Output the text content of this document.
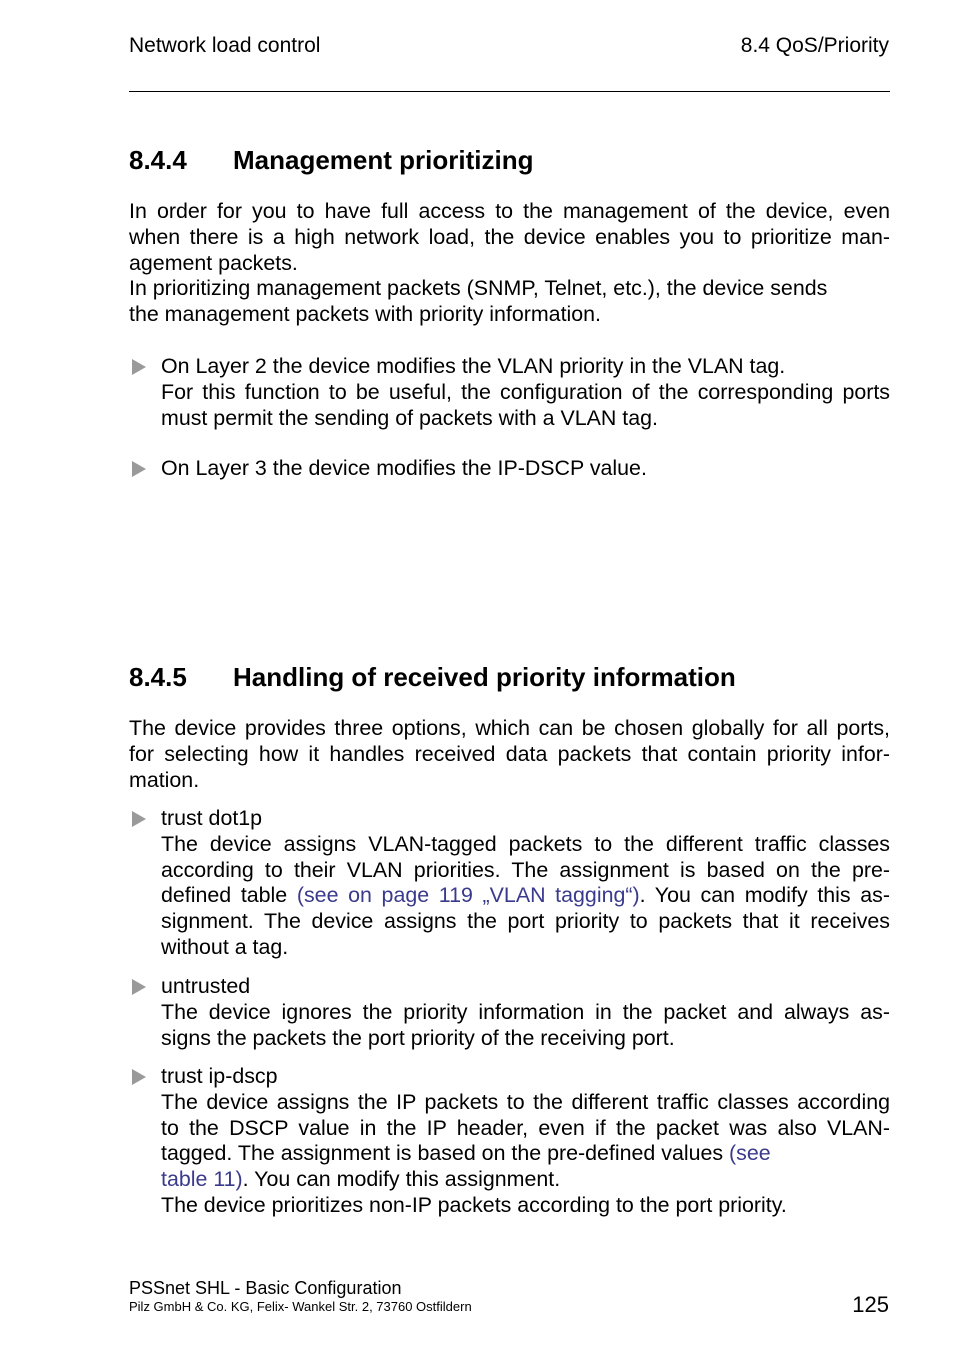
Network load control	8.4 QoS/Priority
8.4.4 Management prioritizing
In order for you to have full access to the management of the device, even
when there is a high network load, the device enables you to prioritize man-
agement packets.
In prioritizing management packets (SNMP, Telnet, etc.), the device sends
the management packets with priority information.
On Layer 2 the device modifies the VLAN priority in the VLAN tag.
For this function to be useful, the configuration of the corresponding ports
must permit the sending of packets with a VLAN tag.
On Layer 3 the device modifies the IP-DSCP value.
8.4.5 Handling of received priority information
The device provides three options, which can be chosen globally for all ports,
for selecting how it handles received data packets that contain priority infor-
mation.
trust dot1p
The device assigns VLAN-tagged packets to the different traffic classes
according to their VLAN priorities. The assignment is based on the pre-
defined table (see on page 119 „VLAN tagging“). You can modify this as-
signment. The device assigns the port priority to packets that it receives
without a tag.
untrusted
The device ignores the priority information in the packet and always as-
signs the packets the port priority of the receiving port.
trust ip-dscp
The device assigns the IP packets to the different traffic classes according
to the DSCP value in the IP header, even if the packet was also VLAN-
tagged. The assignment is based on the pre-defined values (see
table 11). You can modify this assignment.
The device prioritizes non-IP packets according to the port priority.
PSSnet SHL - Basic Configuration
Pilz GmbH & Co. KG, Felix- Wankel Str. 2, 73760 Ostfildern	125
